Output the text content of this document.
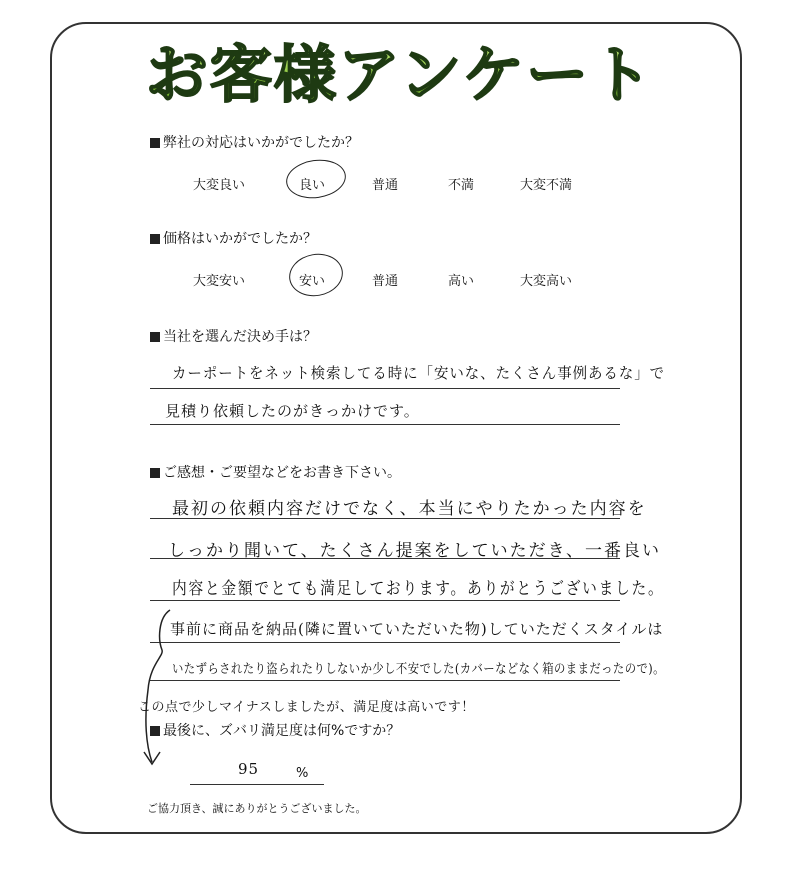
お客様アンケート
弊社の対応はいかがでしたか？
大変良い	良い	普通	不満	大変不満
価格はいかがでしたか？
大変安い	安い	普通	高い	大変高い
当社を選んだ決め手は？
カーポートをネット検索してる時に「安いな、たくさん事例あるな」で
見積り依頼したのがきっかけです。
ご感想・ご要望などをお書き下さい。
最初の依頼内容だけでなく、本当にやりたかった内容を
しっかり聞いて、たくさん提案をしていただき、一番良い
内容と金額でとても満足しております。ありがとうございました。
事前に商品を納品(隣に置いていただいた物)していただくスタイルは
いたずらされたり盗られたりしないか少し不安でした(カバーなどなく箱のままだったので)。
この点で少しマイナスしましたが、満足度は高いです！
最後に、ズバリ満足度は何%ですか？
95	%
ご協力頂き、誠にありがとうございました。
